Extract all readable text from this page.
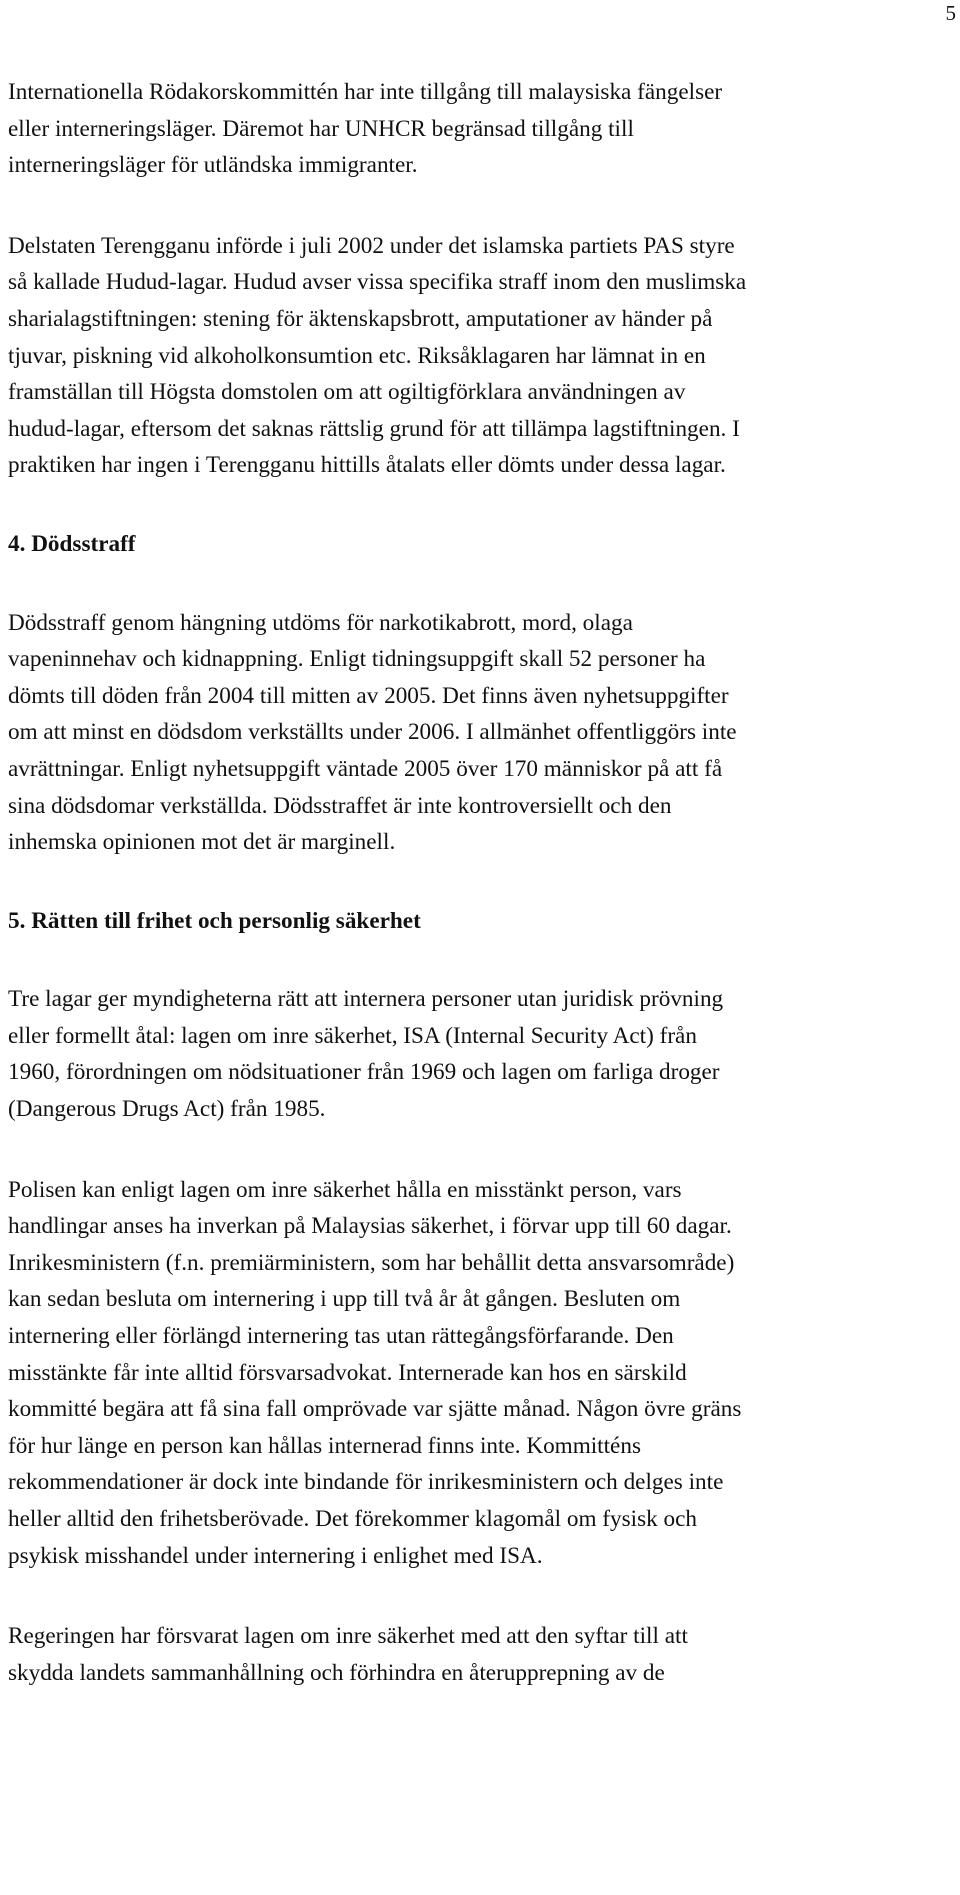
5
Internationella Rödakorskommittén har inte tillgång till malaysiska fängelser
eller interneringsläger. Däremot har UNHCR begränsad tillgång till
interneringsläger för utländska immigranter.
Delstaten Terengganu införde i juli 2002 under det islamska partiets PAS styre
så kallade Hudud-lagar. Hudud avser vissa specifika straff inom den muslimska
sharialagstiftningen: stening för äktenskapsbrott, amputationer av händer på
tjuvar, piskning vid alkoholkonsumtion etc. Riksåklagaren har lämnat in en
framställan till Högsta domstolen om att ogiltigförklara användningen av
hudud-lagar, eftersom det saknas rättslig grund för att tillämpa lagstiftningen. I
praktiken har ingen i Terengganu hittills åtalats eller dömts under dessa lagar.
4. Dödsstraff
Dödsstraff genom hängning utdöms för narkotikabrott, mord, olaga
vapeninnehav och kidnappning. Enligt tidningsuppgift skall 52 personer ha
dömts till döden från 2004 till mitten av 2005. Det finns även nyhetsuppgifter
om att minst en dödsdom verkställts under 2006. I allmänhet offentliggörs inte
avrättningar. Enligt nyhetsuppgift väntade 2005 över 170 människor på att få
sina dödsdomar verkställda. Dödsstraffet är inte kontroversiellt och den
inhemska opinionen mot det är marginell.
5. Rätten till frihet och personlig säkerhet
Tre lagar ger myndigheterna rätt att internera personer utan juridisk prövning
eller formellt åtal: lagen om inre säkerhet, ISA (Internal Security Act) från
1960, förordningen om nödsituationer från 1969 och lagen om farliga droger
(Dangerous Drugs Act) från 1985.
Polisen kan enligt lagen om inre säkerhet hålla en misstänkt person, vars
handlingar anses ha inverkan på Malaysias säkerhet, i förvar upp till 60 dagar.
Inrikesministern (f.n. premiärministern, som har behållit detta ansvarsområde)
kan sedan besluta om internering i upp till två år åt gången. Besluten om
internering eller förlängd internering tas utan rättegångsförfarande. Den
misstänkte får inte alltid försvarsadvokat. Internerade kan hos en särskild
kommitté begära att få sina fall omprövade var sjätte månad. Någon övre gräns
för hur länge en person kan hållas internerad finns inte. Kommitténs
rekommendationer är dock inte bindande för inrikesministern och delges inte
heller alltid den frihetsberövade. Det förekommer klagomål om fysisk och
psykisk misshandel under internering i enlighet med ISA.
Regeringen har försvarat lagen om inre säkerhet med att den syftar till att
skydda landets sammanhållning och förhindra en återupprepning av de
